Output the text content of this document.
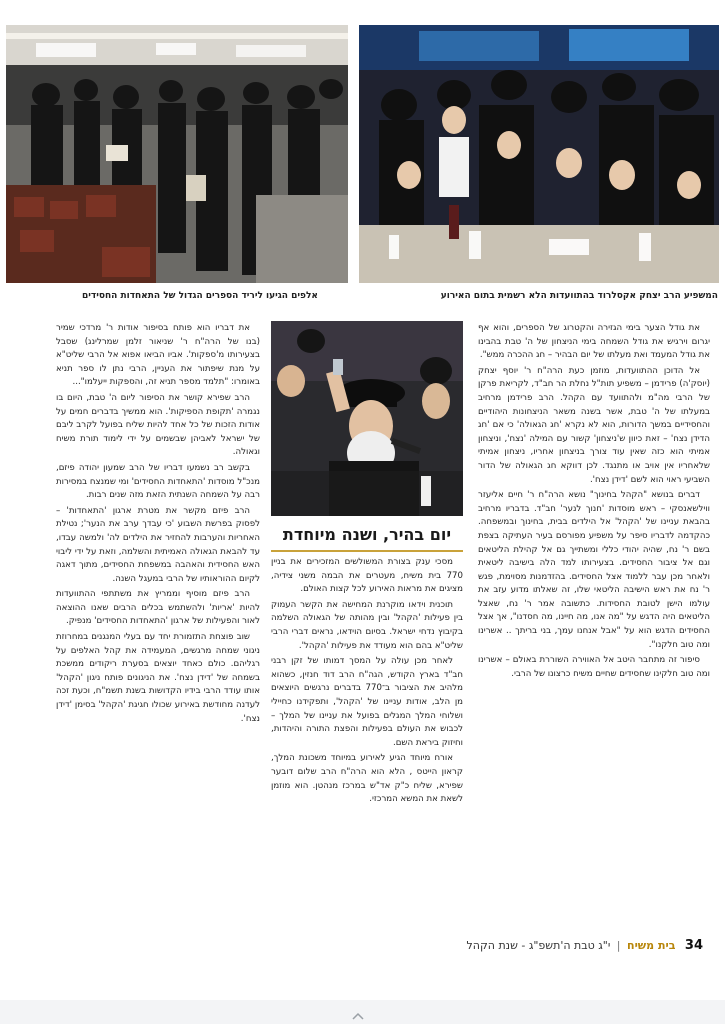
המשפיע הרב יצחק אקסלרוד בהתוועדות הלא רשמית בתום האירוע
אלפים הגיעו ליריד הספרים הגדול של התאחדות החסידים

את גודל הצער בימי הגזירה והקטרוג של הספרים, והוא אף יגרום וירגיש את גודל השמחה בימי הניצחון של ה' טבת בהבינו את גודל המעמד ואת מעלתו של יום הבהיר – חג ההכרה ממש".

אל הדוכן ההתוועדות, מוזמן כעת הרה"ח ר' יוסף יצחק (יוסק'ה) פרידמן – משפיע תות"ל נחלת הר חב"ד, לקריאת פרקן של הרבי מה"מ ולהתוועד עם הקהל. הרב פרידמן מרחיב במעלתו של ה' טבת, אשר בשנה משאר הניצחונות היהודיים והחסידיים במשך הדורות, הוא לא נקרא 'חג הגאולה' כי אם 'חג הדידן נצח' – זאת כיוון ש'ניצחון' קשור עם המילה 'נצח', וניצחון אמיתי הוא כזה שאין עוד צורך בניצחון אחריו, ניצחון אמיתי שלאחריו אין אויב או מתנגד. לכן דווקא חג הגאולה של הדור השביעי ראוי הוא לשם 'דידן נצח'.

דברים בנושא "הקהל בחינוך" נושא הרה"ח ר' חיים אליעזר ווילשאנסקי – ראש מוסדות 'חנוך לנער' חב"ד. בדבריו מרחיב בהבאת עניינו של 'הקהל' אל הילדים בבית, בחינוך ובמשפחה. כהקדמה לדבריו סיפר על משפיע מפורסם בעיר העתיקה בצפת בשם ר' נח, שהיה יהודי כללי ומשתייך גם אל קהילת הליטאים וגם אל ציבור החסידים. בצעירותו למד הלה בישיבה ליטאית ולאחר מכן עבר ללמוד אצל החסידים. בהזדמנות מסוימת, פגש ר' נח את ראש הישיבה הליטאי שלו, זה שאלתו מדוע עזב את עולמו הישן לטובת החסידות. כתשובה אמר ר' נח, שאצל הליטאים היה הדגש על "מה אנו, מה חיינו, מה חסדנו", אך אצל החסידים הדגש הוא על "אבל אנחנו עמך, בני בריתך .. אשרינו ומה טוב חלקנו".

סיפור זה מתחבר היטב אל האווירה השוררת באולם – אשרינו ומה טוב חלקינו שחסידים שחיים משיח כרצונו של הרבי.

יום בהיר, ושנה מיוחדת

מסכי ענק בצורת המשולשים המזכירים את בניין 770 בית משיח, מעטרים את הבמה משני צידיה, מציגים את מראות האירוע לכל קצות האולם.

תוכנית וידאו מוקרנת המחישה את הקשר העמוק בין פעילות 'הקהל' ובין מהותה של הגאולה השלמה בקיבוץ נדחי ישראל. בסיום הוידאו, נראים דברי הרבי שליט"א בהם הוא מעודד את פעילות 'הקהל'.

לאחר מכן עולה על המסך דמותו של זקן רבני חב"ד בארץ הקודש, הגה"ח הרב דוד חנזין, כשהוא מלהיב את הציבור ב־770 בדברים נרגשים היוצאים מן הלב, אודות עניינו של 'הקהל', ותפקידנו כחיילי ושלוחי המלך המגלים בפועל את עניינו של המלך – לכבוש את העולם בפעילות והפצת התורה והיהדות, וחיזוק ביראת השם.

אורח מיוחד הגיע לאירוע במיוחד משכונת המלך, קראון הייטס , הלא הוא הרה"ח הרב שלום דובער שפירא, שליח כ"ק אד"ש במרכז מנהטן. הוא מוזמן לשאת את המשא המרכזי.

את דבריו הוא פותח בסיפור אודות ר' מרדכי שמיר (בנו של הרה"ח ר' שניאור זלמן שמרלינג) שסבל בצעירותו מ'ספקות'. אביו הביאו אפוא אל הרבי שליט"א על מנת שיפתור את העניין, הרבי נתן לו ספר תניא באומרו: "תלמד מספר תניא זה, והספקות ייעלמו"...

הרב שפירא קושר את הסיפור ליום ה' טבת, היום בו נגמרה 'תקופת הספיקות'. הוא ממשיך בדברים חמים על אודות הזכות של כל אחד להיות שליח בפועל לקרב ליבם של ישראל לאביהן שבשמים על ידי לימוד תורת משיח וגאולה.

בקשב רב נשמעו דבריו של הרב שמעון יהודה פיזם, מנכ"ל מוסדות 'התאחדות החסידים' ומי שמנצח במסירות רבה על השמחה השנתית הזאת מזה שנים רבות.

הרב פיזם מקשר את מטרת ארגון 'התאחדות' – לפסוק בפרשת השבוע 'כי עבדך ערב את הנער'; נטילת האחריות והערבות להחזיר את הילדים לה' ולמשה עבדו, עד להבאת הגאולה האמיתית והשלמה, וזאת על ידי ליבוי האש החסידית והאהבה במשפחת החסידים, מתוך דאגה לקיום ההוראותיו של הרבי במעגל השנה.

הרב פיזם מוסיף וממריץ את משתתפי ההתוועדות להיות 'אריות' ולהשתמש בכלים הרבים שאנו ההוצאה לאור והפעילות של ארגון 'התאחדות החסידים' מנפיק.

שוב פוצחת התזמורת יחד עם בעלי המנגנים במחרוזת ניגוני שמחה מרגשים, המעמידה את קהל האלפים על רגליהם. כולם כאחד יוצאים בסערת ריקודים ממשכת בשמחה של 'דידן נצח'. את הניגונים פותח ניגון 'הקהל' אותו עודד הרבי בידיו הקדושות בשנת תשמ"ח, וכעת זכה לעדנה מחודשת באירוע שכולו חגיגת 'הקהל' בסימן 'דידן נצח'.

34 בית משיח | י"ג טבת ה'תשפ"ג - שנת הקהל
